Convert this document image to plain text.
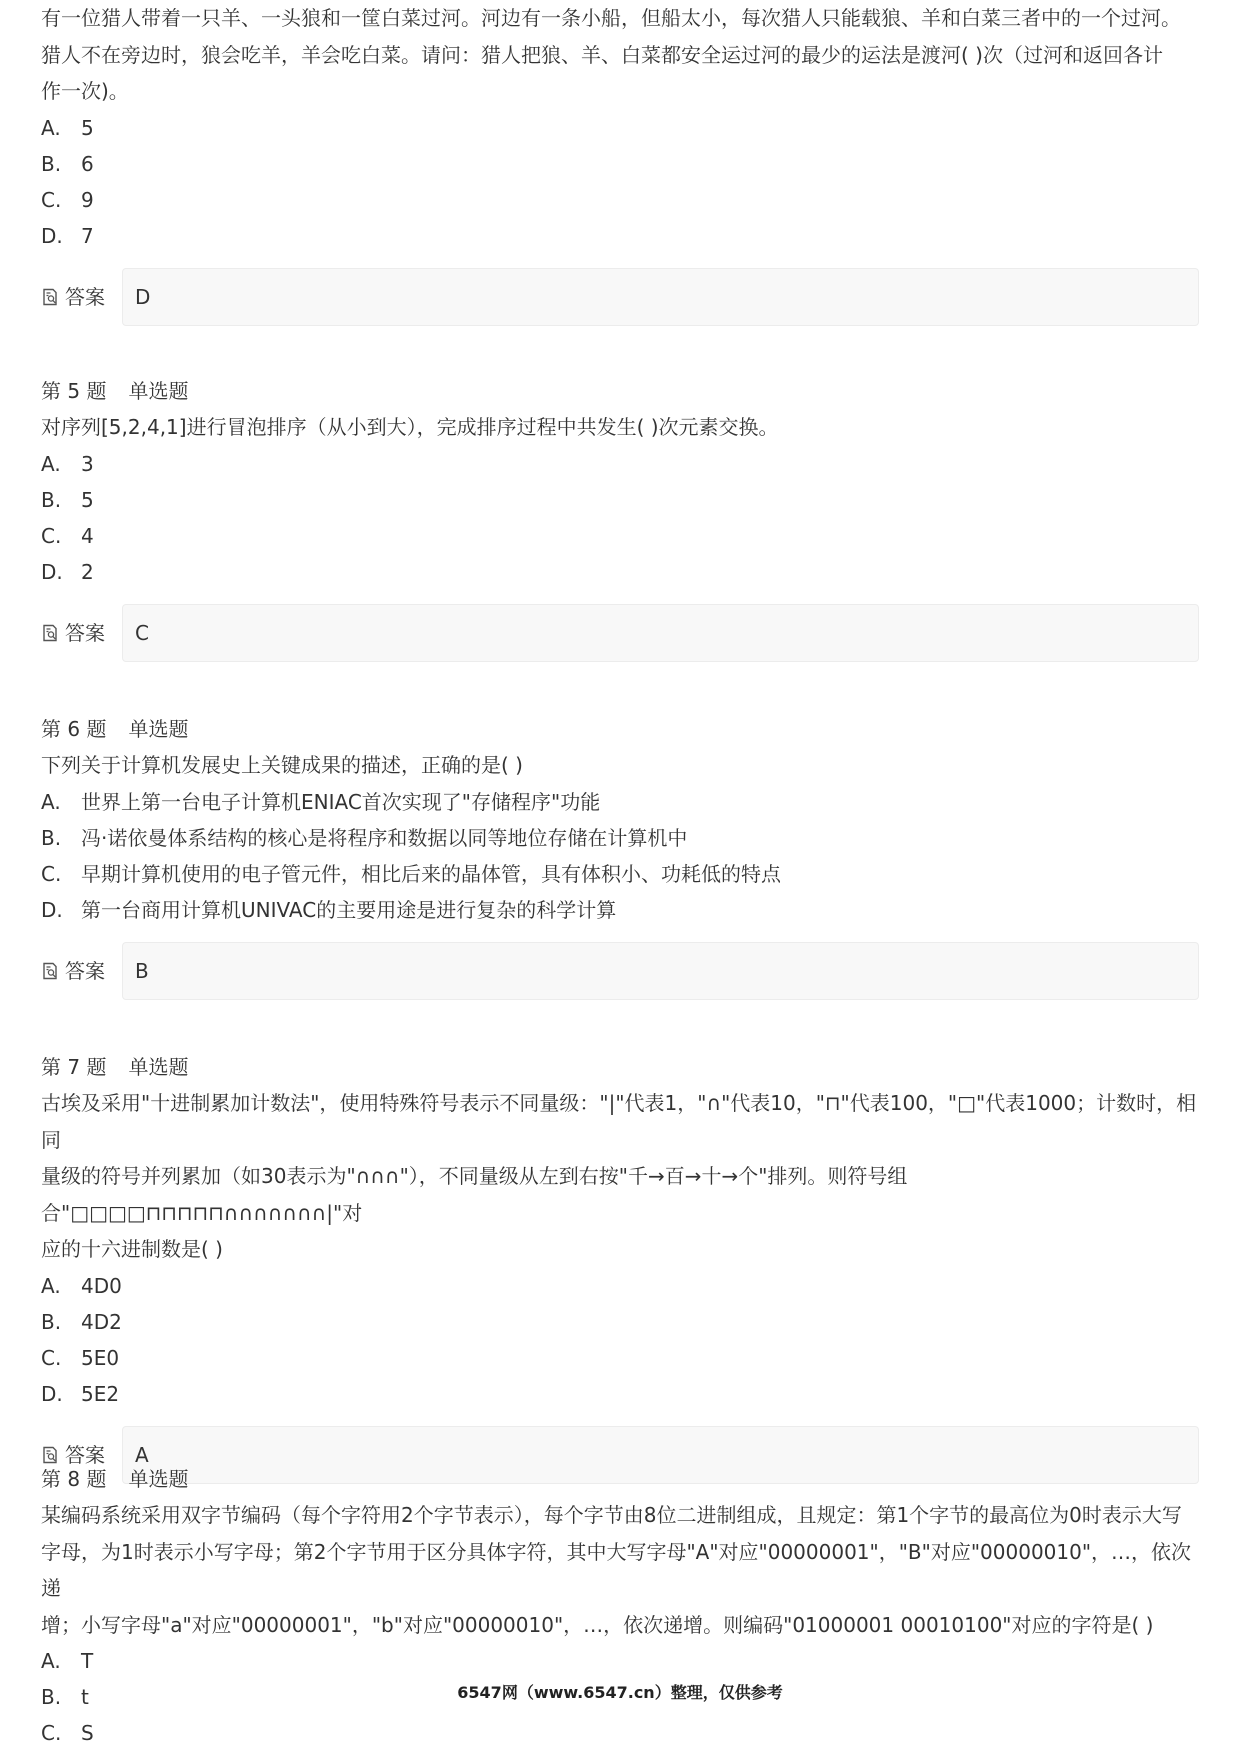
有一位猎人带着一只羊、一头狼和一筐白菜过河。河边有一条小船，但船太小，每次猎人只能载狼、羊和白菜三者中的一个过河。

猎人不在旁边时，狼会吃羊，羊会吃白菜。请问：猎人把狼、羊、白菜都安全运过河的最少的运法是渡河( )次（过河和返回各计

作一次)。

A. 5
B. 6
C. 9
D. 7
答案	D

第 5 题 单选题

对序列[5,2,4,1]进行冒泡排序（从小到大），完成排序过程中共发生( )次元素交换。

A. 3
B. 5
C. 4
D. 2
答案	C

第 6 题 单选题

下列关于计算机发展史上关键成果的描述，正确的是( )

A. 世界上第一台电子计算机ENIAC首次实现了"存储程序"功能
B. 冯·诺依曼体系结构的核心是将程序和数据以同等地位存储在计算机中
C. 早期计算机使用的电子管元件，相比后来的晶体管，具有体积小、功耗低的特点
D. 第一台商用计算机UNIVAC的主要用途是进行复杂的科学计算
答案	B

第 7 题 单选题

古埃及采用"十进制累加计数法"，使用特殊符号表示不同量级："|"代表1，"∩"代表10，"⊓"代表100，"□"代表1000；计数时，相同

量级的符号并列累加（如30表示为"∩∩∩"），不同量级从左到右按"千→百→十→个"排列。则符号组合"□□□□⊓⊓⊓⊓⊓∩∩∩∩∩∩∩|"对

应的十六进制数是( )

A. 4D0
B. 4D2
C. 5E0
D. 5E2
答案	A

第 8 题 单选题

某编码系统采用双字节编码（每个字符用2个字节表示），每个字节由8位二进制组成，且规定：第1个字节的最高位为0时表示大写

字母，为1时表示小写字母；第2个字节用于区分具体字符，其中大写字母"A"对应"00000001"，"B"对应"00000010"，…，依次递

增；小写字母"a"对应"00000001"，"b"对应"00000010"，…，依次递增。则编码"01000001 00010100"对应的字符是( )

A. T
B. t
C. S
6547网（www.6547.cn）整理，仅供参考
